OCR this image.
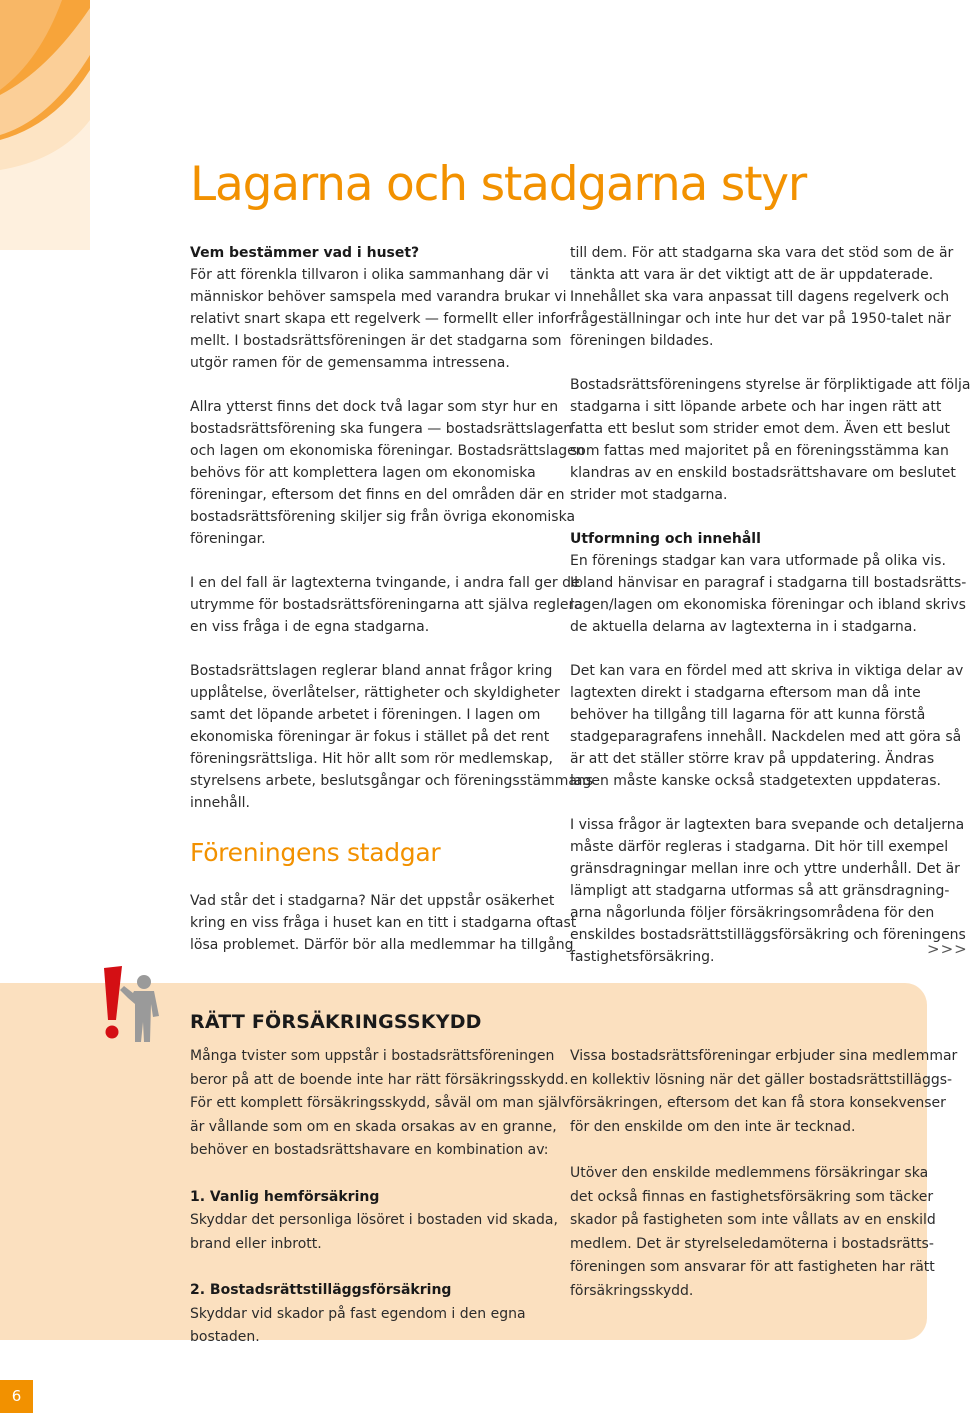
Lagarna och stadgarna styr

Vem bestämmer vad i huset?
För att förenkla tillvaron i olika sammanhang där vi
människor behöver samspela med varandra brukar vi
relativt snart skapa ett regelverk — formellt eller infor-
mellt. I bostadsrättsföreningen är det stadgarna som
utgör ramen för de gemensamma intressena.

Allra ytterst finns det dock två lagar som styr hur en
bostadsrättsförening ska fungera — bostadsrättslagen
och lagen om ekonomiska föreningar. Bostadsrättslagen
behövs för att komplettera lagen om ekonomiska
föreningar, eftersom det finns en del områden där en
bostadsrättsförening skiljer sig från övriga ekonomiska
föreningar.

I en del fall är lagtexterna tvingande, i andra fall ger de
utrymme för bostadsrättsföreningarna att själva reglera
en viss fråga i de egna stadgarna.

Bostadsrättslagen reglerar bland annat frågor kring
upplåtelse, överlåtelser, rättigheter och skyldigheter
samt det löpande arbetet i föreningen. I lagen om
ekonomiska föreningar är fokus i stället på det rent
föreningsrättsliga. Hit hör allt som rör medlemskap,
styrelsens arbete, beslutsgångar och föreningsstämmans
innehåll.

Föreningens stadgar

Vad står det i stadgarna? När det uppstår osäkerhet
kring en viss fråga i huset kan en titt i stadgarna oftast
lösa problemet. Därför bör alla medlemmar ha tillgång

till dem. För att stadgarna ska vara det stöd som de är
tänkta att vara är det viktigt att de är uppdaterade.
Innehållet ska vara anpassat till dagens regelverk och
frågeställningar och inte hur det var på 1950-talet när
föreningen bildades.

Bostadsrättsföreningens styrelse är förpliktigade att följa
stadgarna i sitt löpande arbete och har ingen rätt att
fatta ett beslut som strider emot dem. Även ett beslut
som fattas med majoritet på en föreningsstämma kan
klandras av en enskild bostadsrättshavare om beslutet
strider mot stadgarna.

Utformning och innehåll
En förenings stadgar kan vara utformade på olika vis.
Ibland hänvisar en paragraf i stadgarna till bostadsrätts-
lagen/lagen om ekonomiska föreningar och ibland skrivs
de aktuella delarna av lagtexterna in i stadgarna.

Det kan vara en fördel med att skriva in viktiga delar av
lagtexten direkt i stadgarna eftersom man då inte
behöver ha tillgång till lagarna för att kunna förstå
stadgeparagrafens innehåll. Nackdelen med att göra så
är att det ställer större krav på uppdatering. Ändras
lagen måste kanske också stadgetexten uppdateras.

I vissa frågor är lagtexten bara svepande och detaljerna
måste därför regleras i stadgarna. Dit hör till exempel
gränsdragningar mellan inre och yttre underhåll. Det är
lämpligt att stadgarna utformas så att gränsdragning-
arna någorlunda följer försäkringsområdena för den
enskildes bostadsrättstilläggsförsäkring och föreningens
fastighetsförsäkring.	>>>
RÄTT FÖRSÄKRINGSSKYDD

Många tvister som uppstår i bostadsrättsföreningen
beror på att de boende inte har rätt försäkringsskydd.
För ett komplett försäkringsskydd, såväl om man själv
är vållande som om en skada orsakas av en granne,
behöver en bostadsrättshavare en kombination av:

1. Vanlig hemförsäkring
Skyddar det personliga lösöret i bostaden vid skada,
brand eller inbrott.

2. Bostadsrättstilläggsförsäkring
Skyddar vid skador på fast egendom i den egna
bostaden.

Vissa bostadsrättsföreningar erbjuder sina medlemmar
en kollektiv lösning när det gäller bostadsrättstilläggs-
försäkringen, eftersom det kan få stora konsekvenser
för den enskilde om den inte är tecknad.

Utöver den enskilde medlemmens försäkringar ska
det också finnas en fastighetsförsäkring som täcker
skador på fastigheten som inte vållats av en enskild
medlem. Det är styrelseledamöterna i bostadsrätts-
föreningen som ansvarar för att fastigheten har rätt
försäkringsskydd.

6
